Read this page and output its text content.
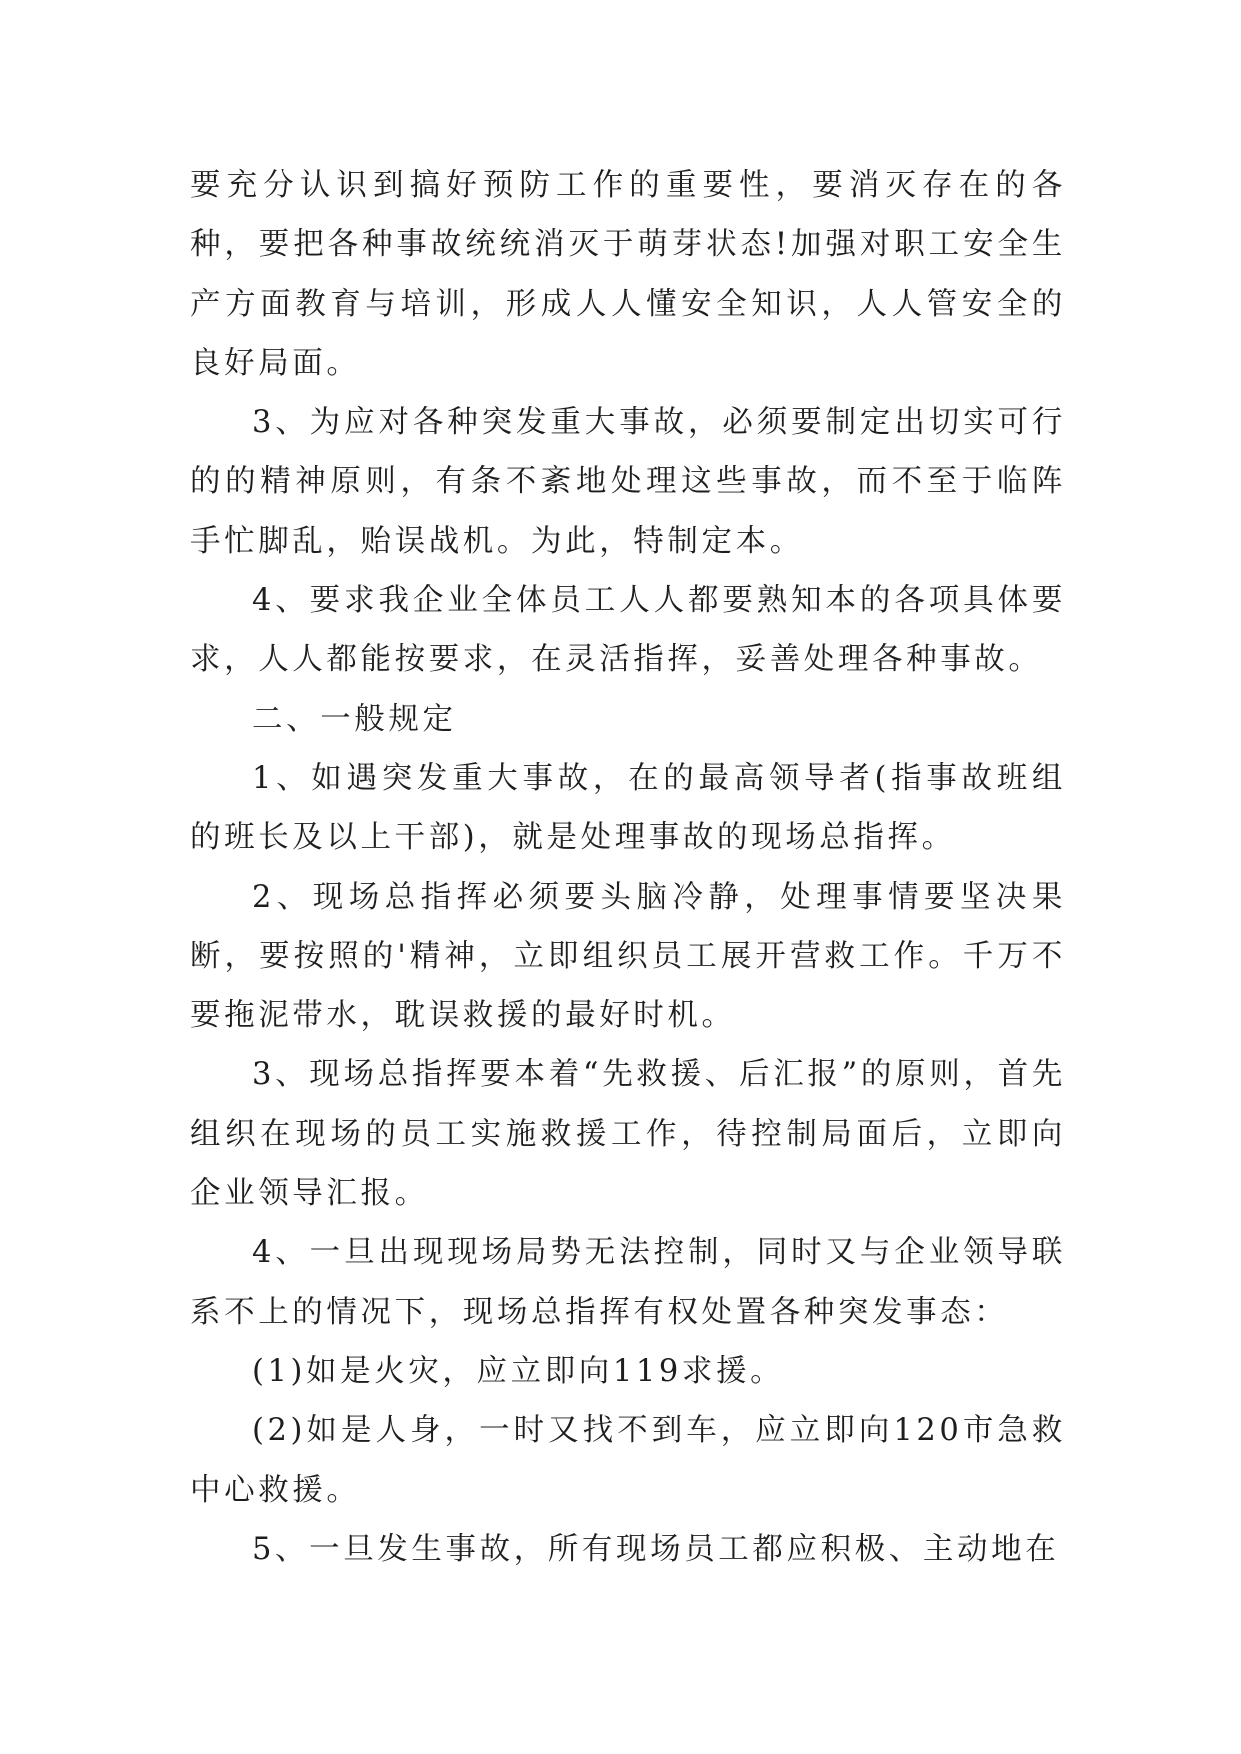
要充分认识到搞好预防工作的重要性，要消灭存在的各种，要把各种事故统统消灭于萌芽状态!加强对职工安全生产方面教育与培训，形成人人懂安全知识，人人管安全的良好局面。

3、为应对各种突发重大事故，必须要制定出切实可行的的精神原则，有条不紊地处理这些事故，而不至于临阵手忙脚乱，贻误战机。为此，特制定本。

4、要求我企业全体员工人人都要熟知本的各项具体要求，人人都能按要求，在灵活指挥，妥善处理各种事故。

二、一般规定

1、如遇突发重大事故，在的最高领导者(指事故班组的班长及以上干部)，就是处理事故的现场总指挥。

2、现场总指挥必须要头脑冷静，处理事情要坚决果断，要按照的'精神，立即组织员工展开营救工作。千万不要拖泥带水，耽误救援的最好时机。

3、现场总指挥要本着“先救援、后汇报”的原则，首先组织在现场的员工实施救援工作，待控制局面后，立即向企业领导汇报。

4、一旦出现现场局势无法控制，同时又与企业领导联系不上的情况下，现场总指挥有权处置各种突发事态：

(1)如是火灾，应立即向119求援。

(2)如是人身，一时又找不到车，应立即向120市急救中心救援。

5、一旦发生事故，所有现场员工都应积极、主动地在
